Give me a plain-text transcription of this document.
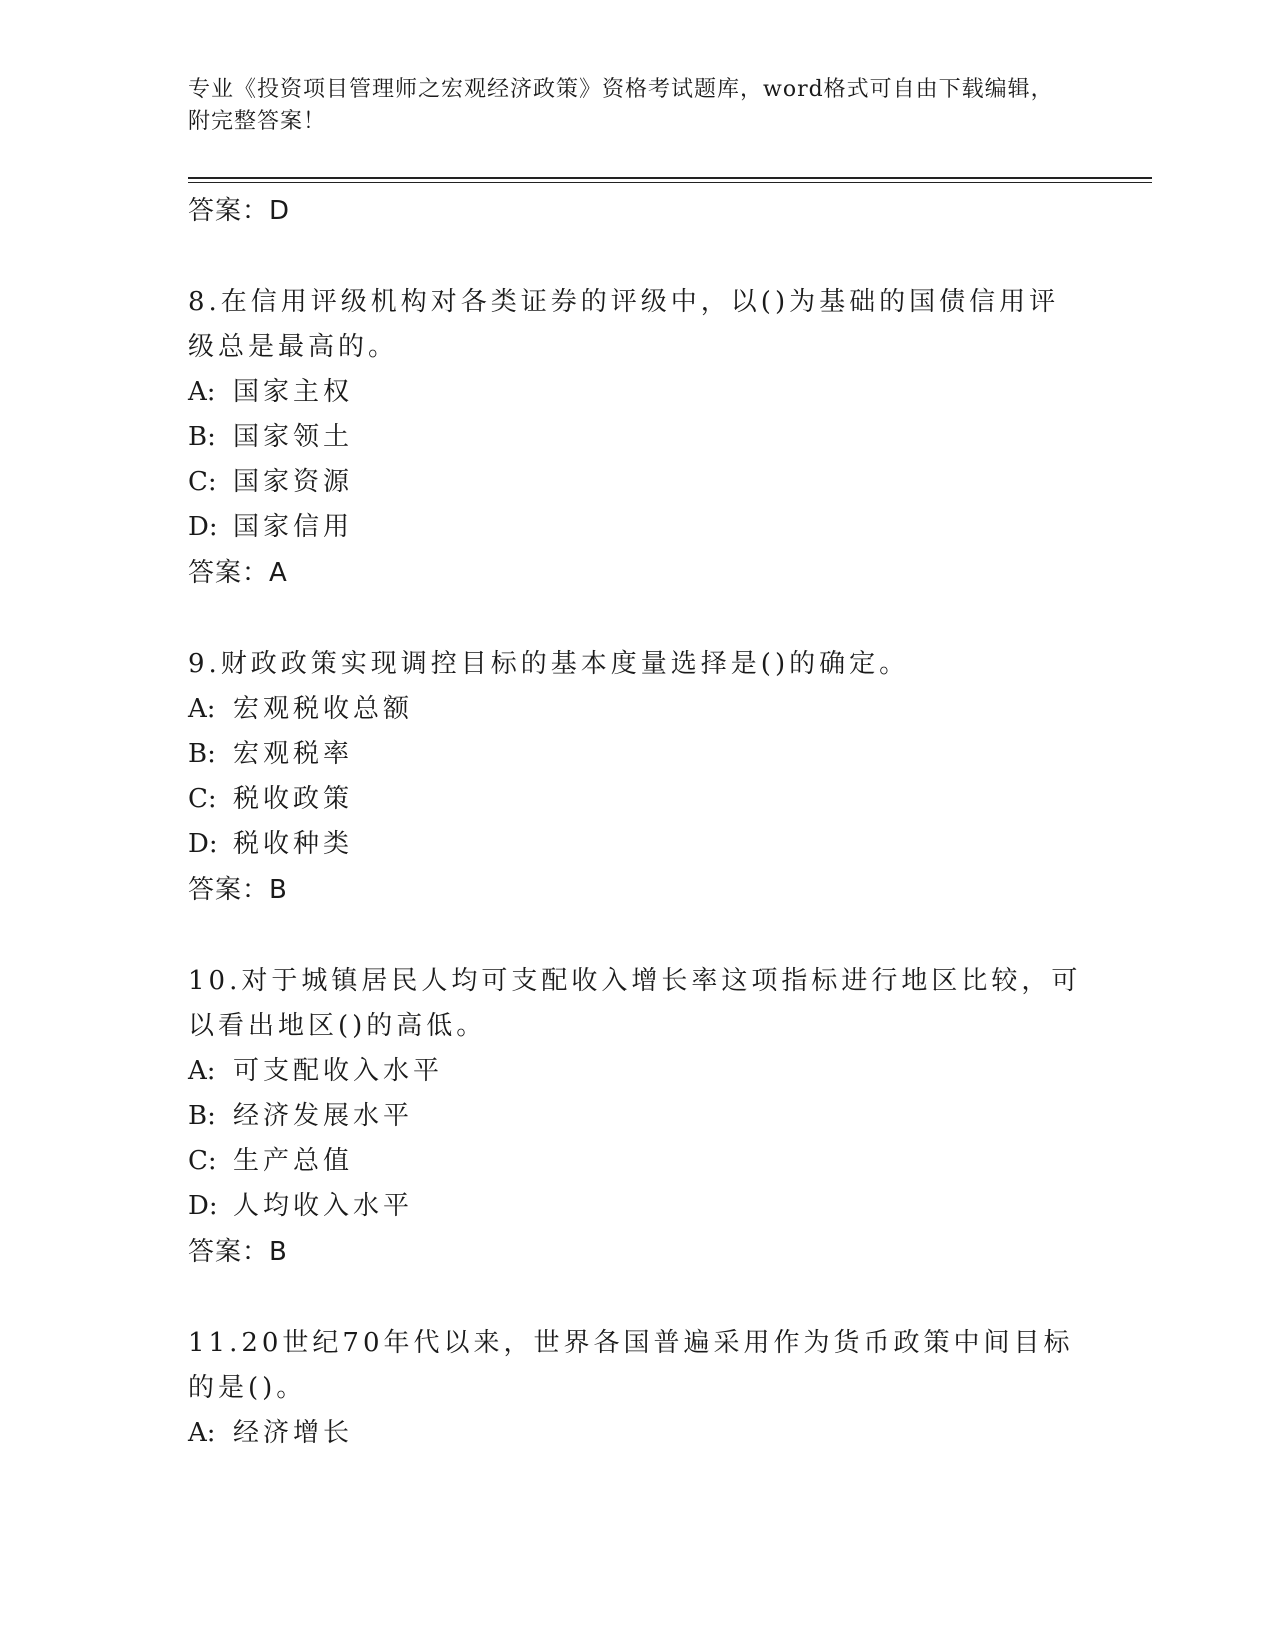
专业《投资项目管理师之宏观经济政策》资格考试题库，word格式可自由下载编辑，附完整答案！
答案：D
8.在信用评级机构对各类证券的评级中，以()为基础的国债信用评级总是最高的。
A: 国家主权
B: 国家领土
C: 国家资源
D: 国家信用
答案：A
9.财政政策实现调控目标的基本度量选择是()的确定。
A: 宏观税收总额
B: 宏观税率
C: 税收政策
D: 税收种类
答案：B
10.对于城镇居民人均可支配收入增长率这项指标进行地区比较，可以看出地区()的高低。
A: 可支配收入水平
B: 经济发展水平
C: 生产总值
D: 人均收入水平
答案：B
11.20世纪70年代以来，世界各国普遍采用作为货币政策中间目标的是()。
A: 经济增长
